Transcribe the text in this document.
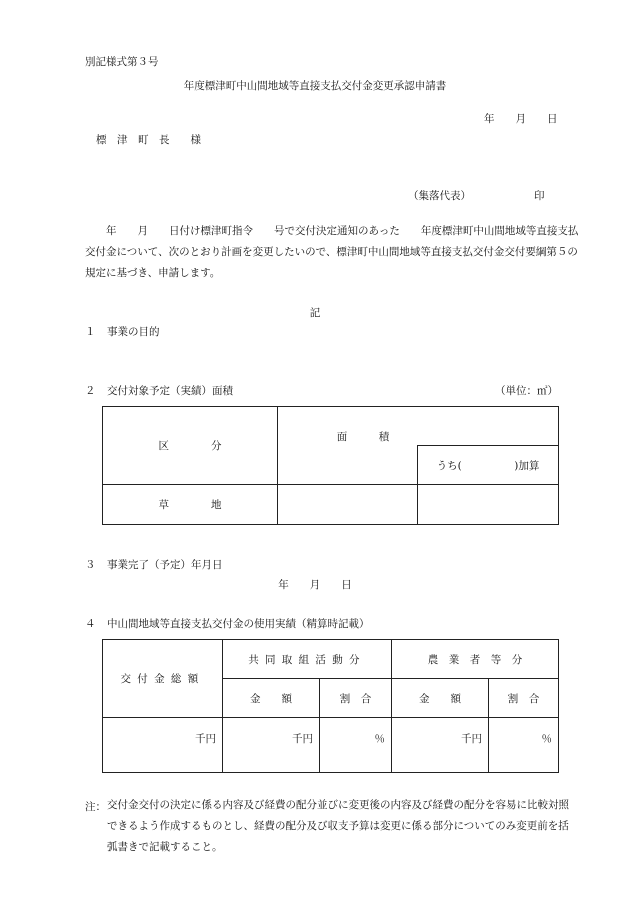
別記様式第３号
年度標津町中山間地域等直接支払交付金変更承認申請書
年　　月　　日
標　津　町　長　　様
（集落代表）	印
　　年　　月　　日付け標津町指令　　号で交付決定通知のあった　　年度標津町中山間地域等直接支払交付金について、次のとおり計画を変更したいので、標津町中山間地域等直接支払交付金交付要綱第５の規定に基づき、申請します。
記
１ 事業の目的
２ 交付対象予定（実績）面積	（単位：㎡）
区　　　　分	面　　　積	
		うち(　　　　　)加算
草　　　　地		
３ 事業完了（予定）年月日
年　　月　　日
４ 中山間地域等直接支払交付金の使用実績（精算時記載）
交付金総額	共同取組活動分		農　業　者　等　分	
	金　　額	割　合	金　　額	割　合
千円	千円	％	千円	％
注： 交付金交付の決定に係る内容及び経費の配分並びに変更後の内容及び経費の配分を容易に比較対照できるよう作成するものとし、経費の配分及び収支予算は変更に係る部分についてのみ変更前を括弧書きで記載すること。
